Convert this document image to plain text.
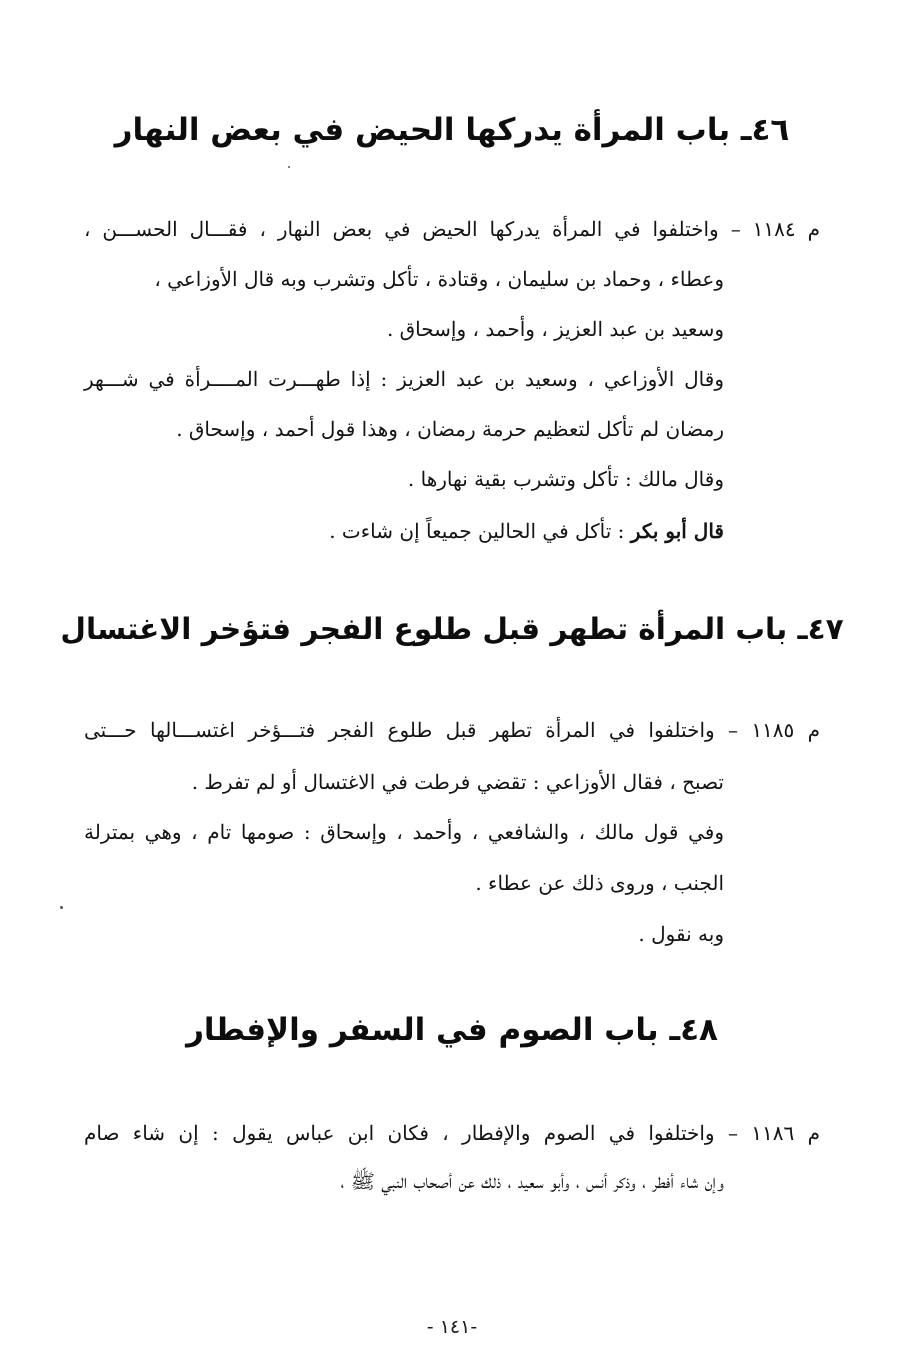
٤٦ـ باب المرأة يدركها الحيض في بعض النهار
م ١١٨٤ – واختلفوا في المرأة يدركها الحيض في بعض النهار ، فقـــال الحســـن ،
وعطاء ، وحماد بن سليمان ، وقتادة ، تأكل وتشرب وبه قال الأوزاعي ،
وسعيد بن عبد العزيز ، وأحمد ، وإسحاق .
وقال الأوزاعي ، وسعيد بن عبد العزيز : إذا طهـــرت المــــرأة في شـــهر
رمضان لم تأكل لتعظيم حرمة رمضان ، وهذا قول أحمد ، وإسحاق .
وقال مالك : تأكل وتشرب بقية نهارها .
قال أبو بكر : تأكل في الحالين جميعاً إن شاءت .
٤٧ـ باب المرأة تطهر قبل طلوع الفجر فتؤخر الاغتسال
م ١١٨٥ – واختلفوا في المرأة تطهر قبل طلوع الفجر فتـــؤخر اغتســـالها حـــتى
تصبح ، فقال الأوزاعي : تقضي فرطت في الاغتسال أو لم تفرط .
وفي قول مالك ، والشافعي ، وأحمد ، وإسحاق : صومها تام ، وهي بمترلة
الجنب ، وروى ذلك عن عطاء .
وبه نقول .
٤٨ـ باب الصوم في السفر والإفطار
م ١١٨٦ – واختلفوا في الصوم والإفطار ، فكان ابن عباس يقول : إن شاء صام
وإن شاء أفطر ، وذكر أنس ، وأبو سعيد ، ذلك عن أصحاب النبي ﷺ ،
-١٤١ -
